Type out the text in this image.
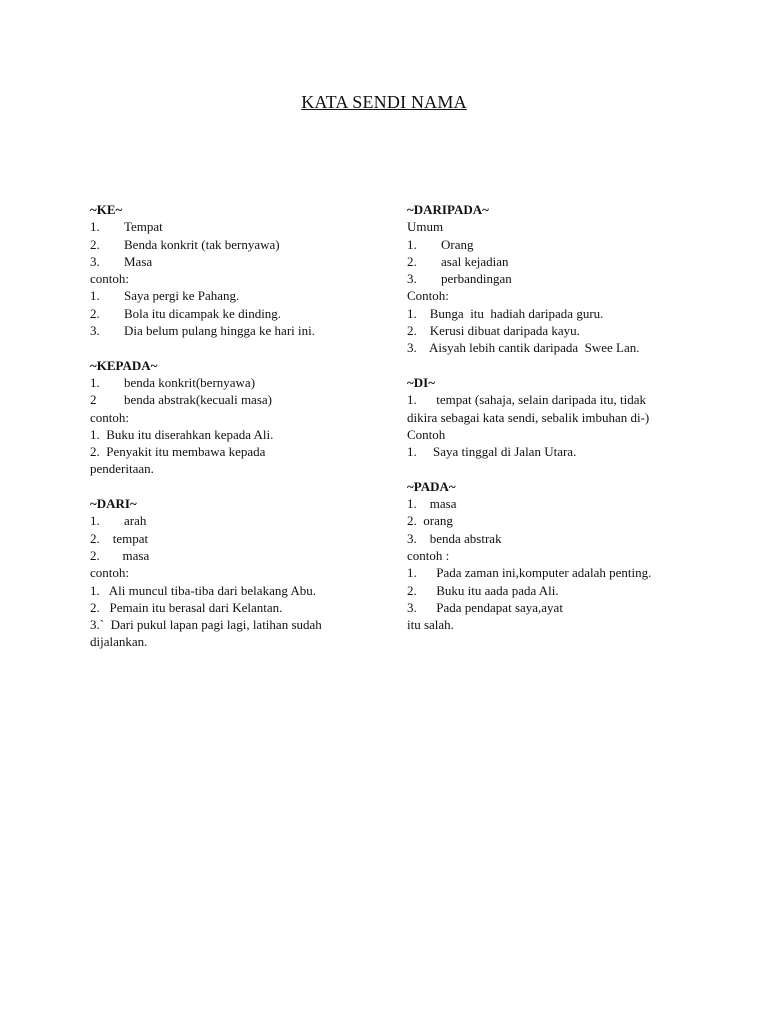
KATA SENDI NAMA
~KE~
1.	Tempat
2.	Benda konkrit (tak bernyawa)
3.	Masa
contoh:
1.	Saya pergi ke Pahang.
2.	Bola itu dicampak ke dinding.
3.	Dia belum pulang hingga ke hari ini.
~KEPADA~
1.	benda konkrit(bernyawa)
2	benda abstrak(kecuali masa)
contoh:
1.  Buku itu diserahkan kepada Ali.
2.  Penyakit itu membawa kepada penderitaan.
~DARI~
1.	arah
2.    tempat
2.       masa
contoh:
1.   Ali muncul tiba-tiba dari belakang Abu.
2.   Pemain itu berasal dari Kelantan.
3.`  Dari pukul lapan pagi lagi, latihan sudah dijalankan.
~DARIPADA~
Umum
1.	Orang
2.	asal kejadian
3.	perbandingan
Contoh:
1.    Bunga  itu  hadiah daripada guru.
2.    Kerusi dibuat daripada kayu.
3.    Aisyah lebih cantik daripada  Swee Lan.
~DI~
1.      tempat (sahaja, selain daripada itu, tidak dikira sebagai kata sendi, sebalik imbuhan di-)
Contoh
1.     Saya tinggal di Jalan Utara.
~PADA~
1.    masa
2.  orang
3.    benda abstrak
contoh :
1.      Pada zaman ini,komputer adalah penting.
2.      Buku itu aada pada Ali.
3.      Pada pendapat saya,ayat
itu salah.
